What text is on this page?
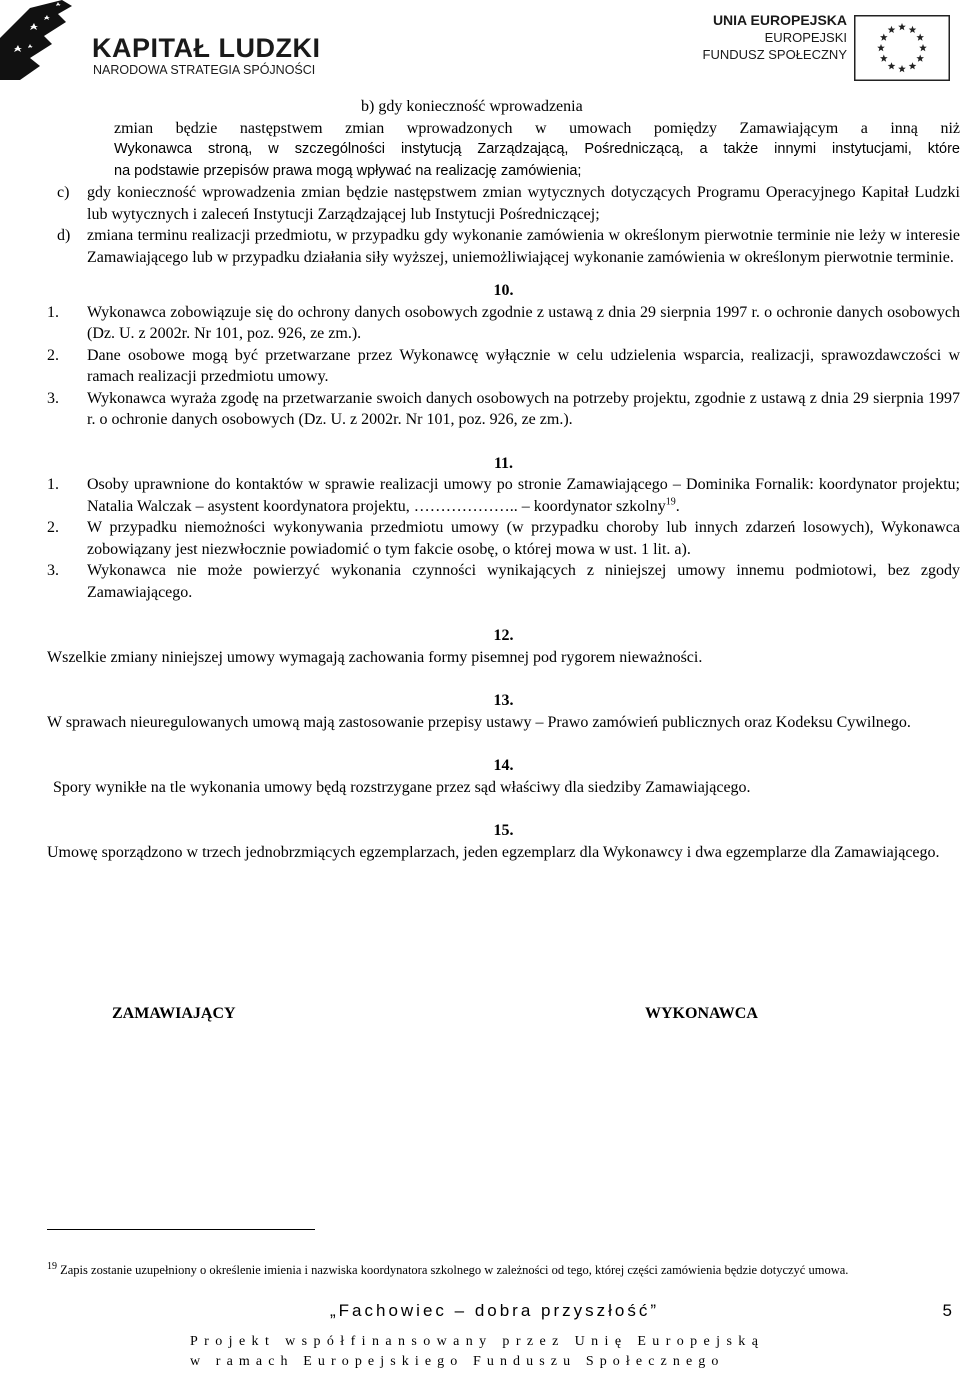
KAPITAŁ LUDZKI
NARODOWA STRATEGIA SPÓJNOŚCI
UNIA EUROPEJSKA
EUROPEJSKI
FUNDUSZ SPOŁECZNY
b) gdy konieczność wprowadzenia
zmian będzie następstwem zmian wprowadzonych w umowach pomiędzy Zamawiającym a inną niż
Wykonawca stroną, w szczególności instytucją Zarządzającą, Pośredniczącą, a także innymi instytucjami, które
na podstawie przepisów prawa mogą wpływać na realizację zamówienia;
c)	gdy konieczność wprowadzenia zmian będzie następstwem zmian wytycznych dotyczących Programu Operacyjnego Kapitał Ludzki lub wytycznych i zaleceń Instytucji Zarządzającej lub Instytucji Pośredniczącej;
d)	zmiana terminu realizacji przedmiotu, w przypadku gdy wykonanie zamówienia w określonym pierwotnie terminie nie leży w interesie Zamawiającego lub w przypadku działania siły wyższej, uniemożliwiającej wykonanie zamówienia w określonym pierwotnie terminie.
10.
1.	Wykonawca zobowiązuje się do ochrony danych osobowych zgodnie z ustawą z dnia 29 sierpnia 1997 r. o ochronie danych osobowych (Dz. U. z 2002r. Nr 101, poz. 926, ze zm.).
2.	Dane osobowe mogą być przetwarzane przez Wykonawcę wyłącznie w celu udzielenia wsparcia, realizacji, sprawozdawczości w ramach realizacji przedmiotu umowy.
3.	Wykonawca wyraża zgodę na przetwarzanie swoich danych osobowych na potrzeby projektu, zgodnie z ustawą z dnia 29 sierpnia 1997 r. o ochronie danych osobowych (Dz. U. z 2002r. Nr 101, poz. 926, ze zm.).
11.
1.	Osoby uprawnione do kontaktów w sprawie realizacji umowy po stronie Zamawiającego – Dominika Fornalik: koordynator projektu; Natalia Walczak – asystent koordynatora projektu, ……………….. – koordynator szkolny$^{19}$.
2.	W przypadku niemożności wykonywania przedmiotu umowy (w przypadku choroby lub innych zdarzeń losowych), Wykonawca zobowiązany jest niezwłocznie powiadomić o tym fakcie osobę, o której mowa w ust. 1 lit. a).
3.	Wykonawca nie może powierzyć wykonania czynności wynikających z niniejszej umowy innemu podmiotowi, bez zgody Zamawiającego.
12.
Wszelkie zmiany niniejszej umowy wymagają zachowania formy pisemnej pod rygorem nieważności.
13.
W sprawach nieuregulowanych umową mają zastosowanie przepisy ustawy – Prawo zamówień publicznych oraz Kodeksu Cywilnego.
14.
Spory wynikłe na tle wykonania umowy będą rozstrzygane przez sąd właściwy dla siedziby Zamawiającego.
15.
Umowę sporządzono w trzech jednobrzmiących egzemplarzach, jeden egzemplarz dla Wykonawcy i dwa egzemplarze dla Zamawiającego.
ZAMAWIAJĄCY	WYKONAWCA
$^{19}$ Zapis zostanie uzupełniony o określenie imienia i nazwiska koordynatora szkolnego w zależności od tego, której części zamówienia będzie dotyczyć umowa.
„Fachowiec – dobra przyszłość”	5
Projekt współfinansowany przez Unię Europejską
w ramach Europejskiego Funduszu Społecznego
